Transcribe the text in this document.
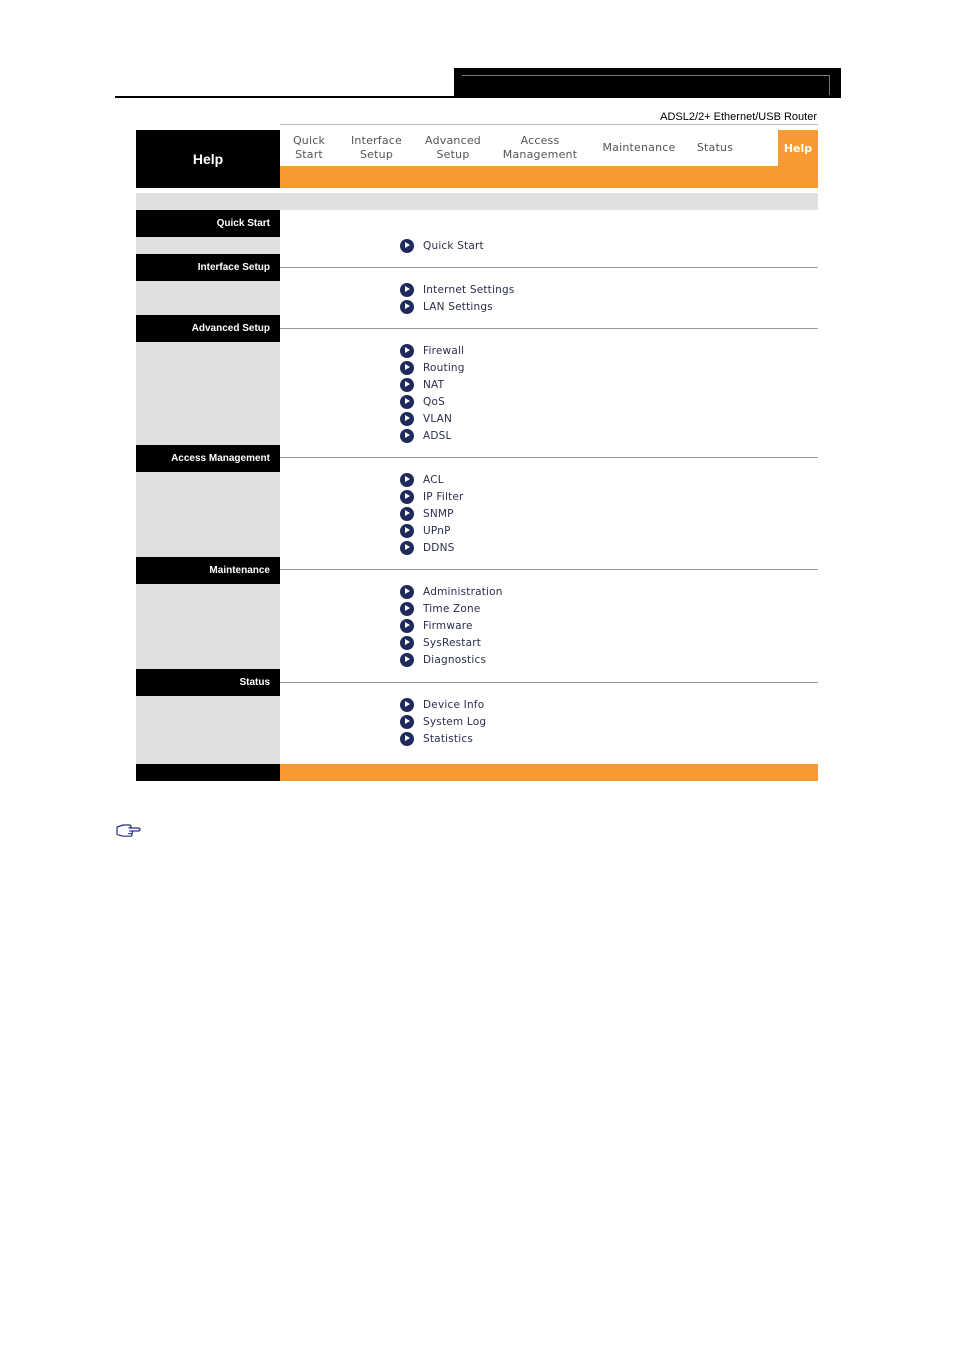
ADSL2/2+ Ethernet/USB Router
Help
Quick
Start
Interface
Setup
Advanced
Setup
Access
Management
Maintenance	Status	Help
Quick Start
Quick Start
Interface Setup
Internet Settings
LAN Settings
Advanced Setup
Firewall
Routing
NAT
QoS
VLAN
ADSL
Access Management
ACL
IP Filter
SNMP
UPnP
DDNS
Maintenance
Administration
Time Zone
Firmware
SysRestart
Diagnostics
Status
Device Info
System Log
Statistics
